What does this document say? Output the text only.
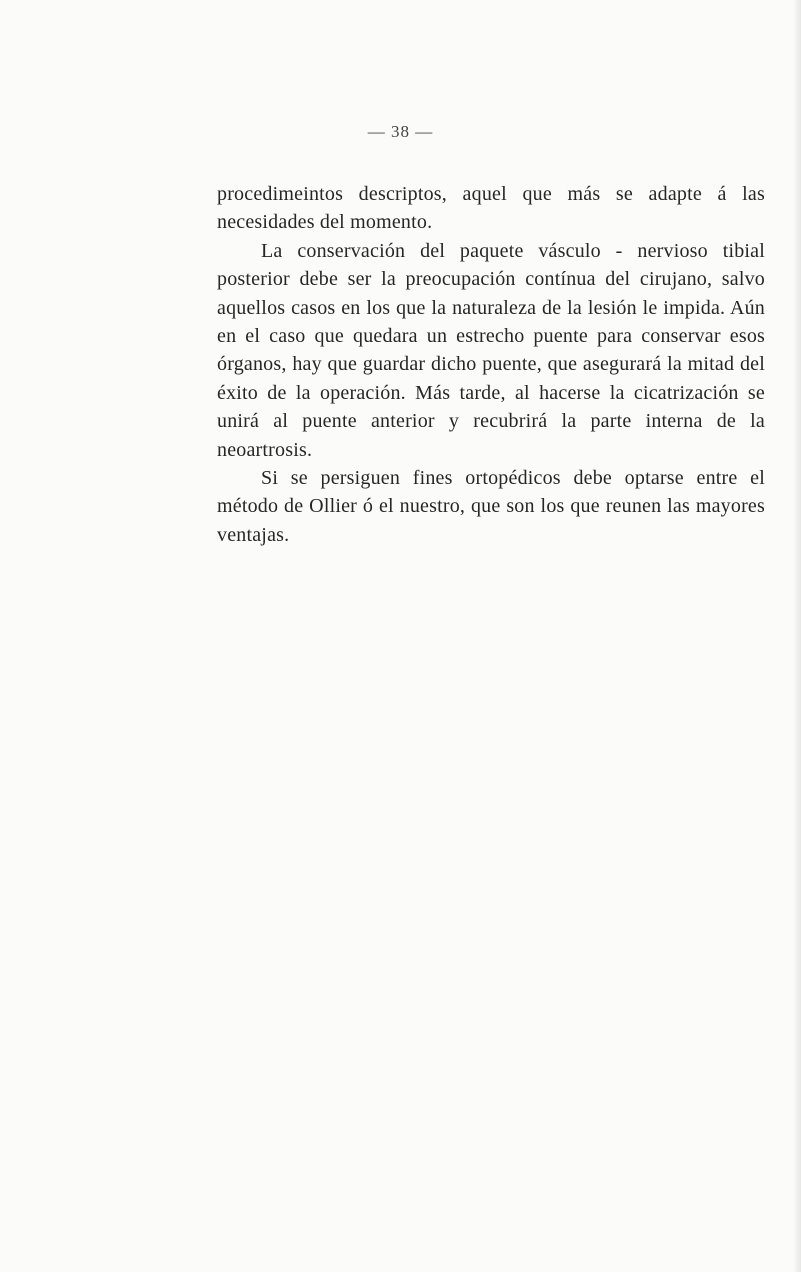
— 38 —

procedimeintos descriptos, aquel que más se adapte á las necesidades del momento.

La conservación del paquete vásculo - nervioso tibial posterior debe ser la preocupación contínua del cirujano, salvo aquellos casos en los que la naturaleza de la lesión le impida. Aún en el caso que quedara un estrecho puente para conservar esos órganos, hay que guardar dicho puente, que asegurará la mitad del éxito de la operación. Más tarde, al hacerse la cicatrización se unirá al puente anterior y recubrirá la parte interna de la neoartrosis.

Si se persiguen fines ortopédicos debe optarse entre el método de Ollier ó el nuestro, que son los que reunen las mayores ventajas.
